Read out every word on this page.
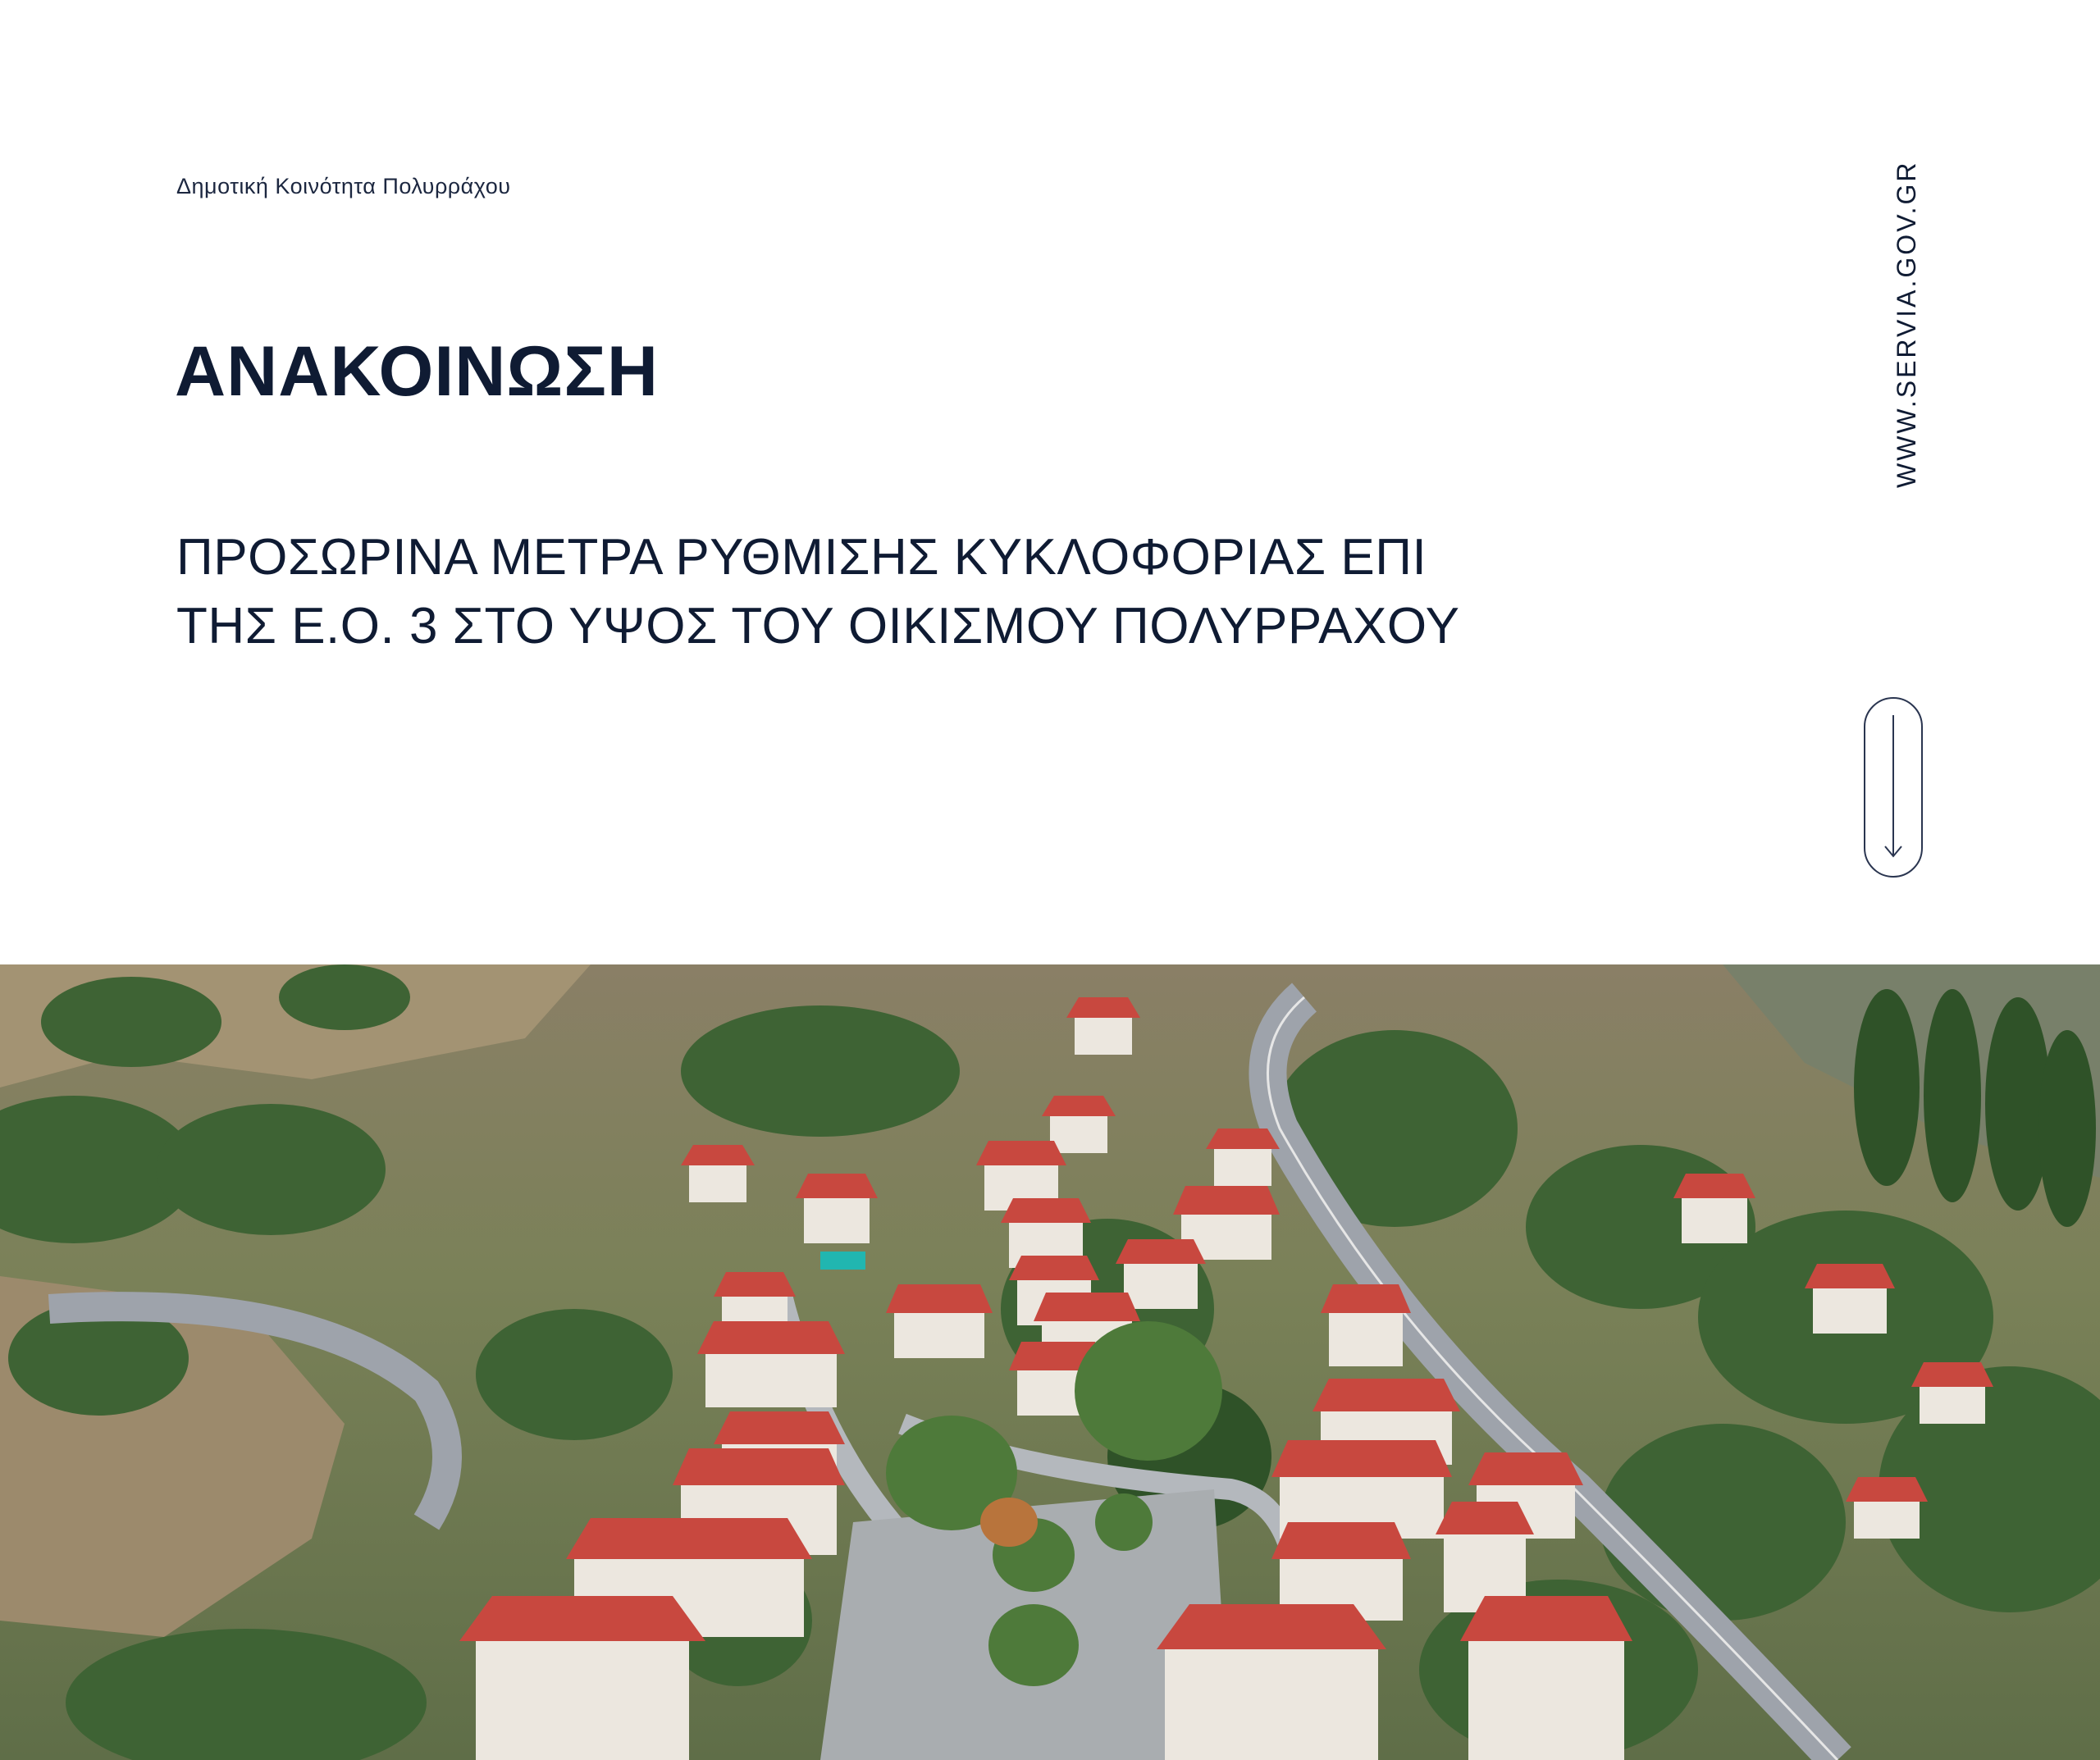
Δημοτική Κοινότητα Πολυρράχου
ΑΝΑΚΟΙΝΩΣΗ
ΠΡΟΣΩΡΙΝΑ ΜΕΤΡΑ ΡΥΘΜΙΣΗΣ ΚΥΚΛΟΦΟΡΙΑΣ ΕΠΙ
ΤΗΣ Ε.Ο. 3 ΣΤΟ ΥΨΟΣ ΤΟΥ ΟΙΚΙΣΜΟΥ ΠΟΛΥΡΡΑΧΟΥ
WWW.SERVIA.GOV.GR
